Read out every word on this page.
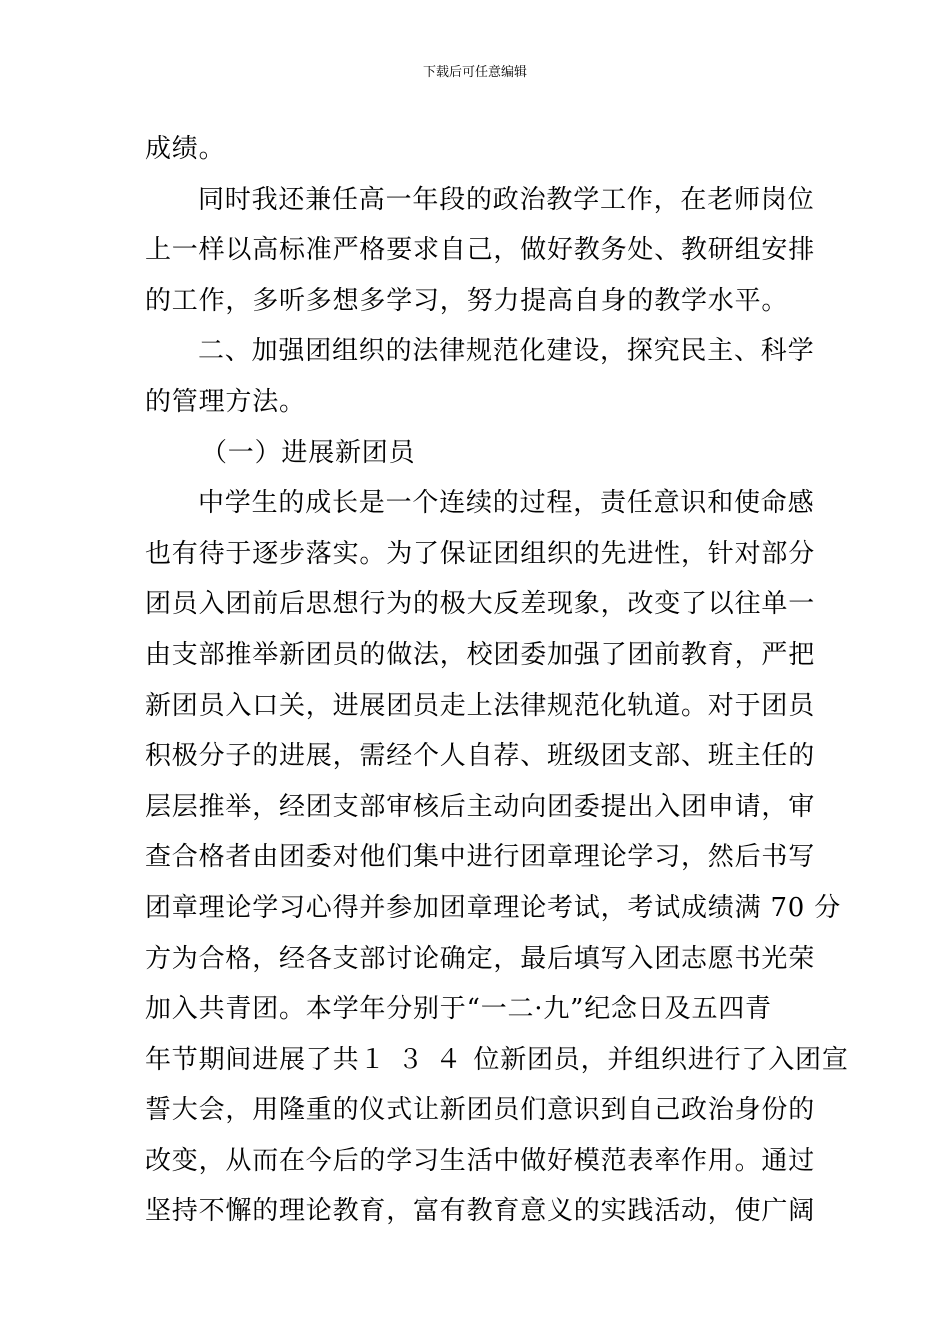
下载后可任意编辑
成绩。
同时我还兼任高一年段的政治教学工作，在老师岗位
上一样以高标准严格要求自己，做好教务处、教研组安排
的工作，多听多想多学习，努力提高自身的教学水平。
二、加强团组织的法律规范化建设，探究民主、科学
的管理方法。
（一）进展新团员
中学生的成长是一个连续的过程，责任意识和使命感
也有待于逐步落实。为了保证团组织的先进性，针对部分
团员入团前后思想行为的极大反差现象，改变了以往单一
由支部推举新团员的做法，校团委加强了团前教育，严把
新团员入口关，进展团员走上法律规范化轨道。对于团员
积极分子的进展，需经个人自荐、班级团支部、班主任的
层层推举，经团支部审核后主动向团委提出入团申请，审
查合格者由团委对他们集中进行团章理论学习，然后书写
团章理论学习心得并参加团章理论考试，考试成绩满 70 分
方为合格，经各支部讨论确定，最后填写入团志愿书光荣
加入共青团。本学年分别于“一二·九”纪念日及五四青
年节期间进展了共１３４位新团员，并组织进行了入团宣
誓大会，用隆重的仪式让新团员们意识到自己政治身份的
改变，从而在今后的学习生活中做好模范表率作用。通过
坚持不懈的理论教育，富有教育意义的实践活动，使广阔
